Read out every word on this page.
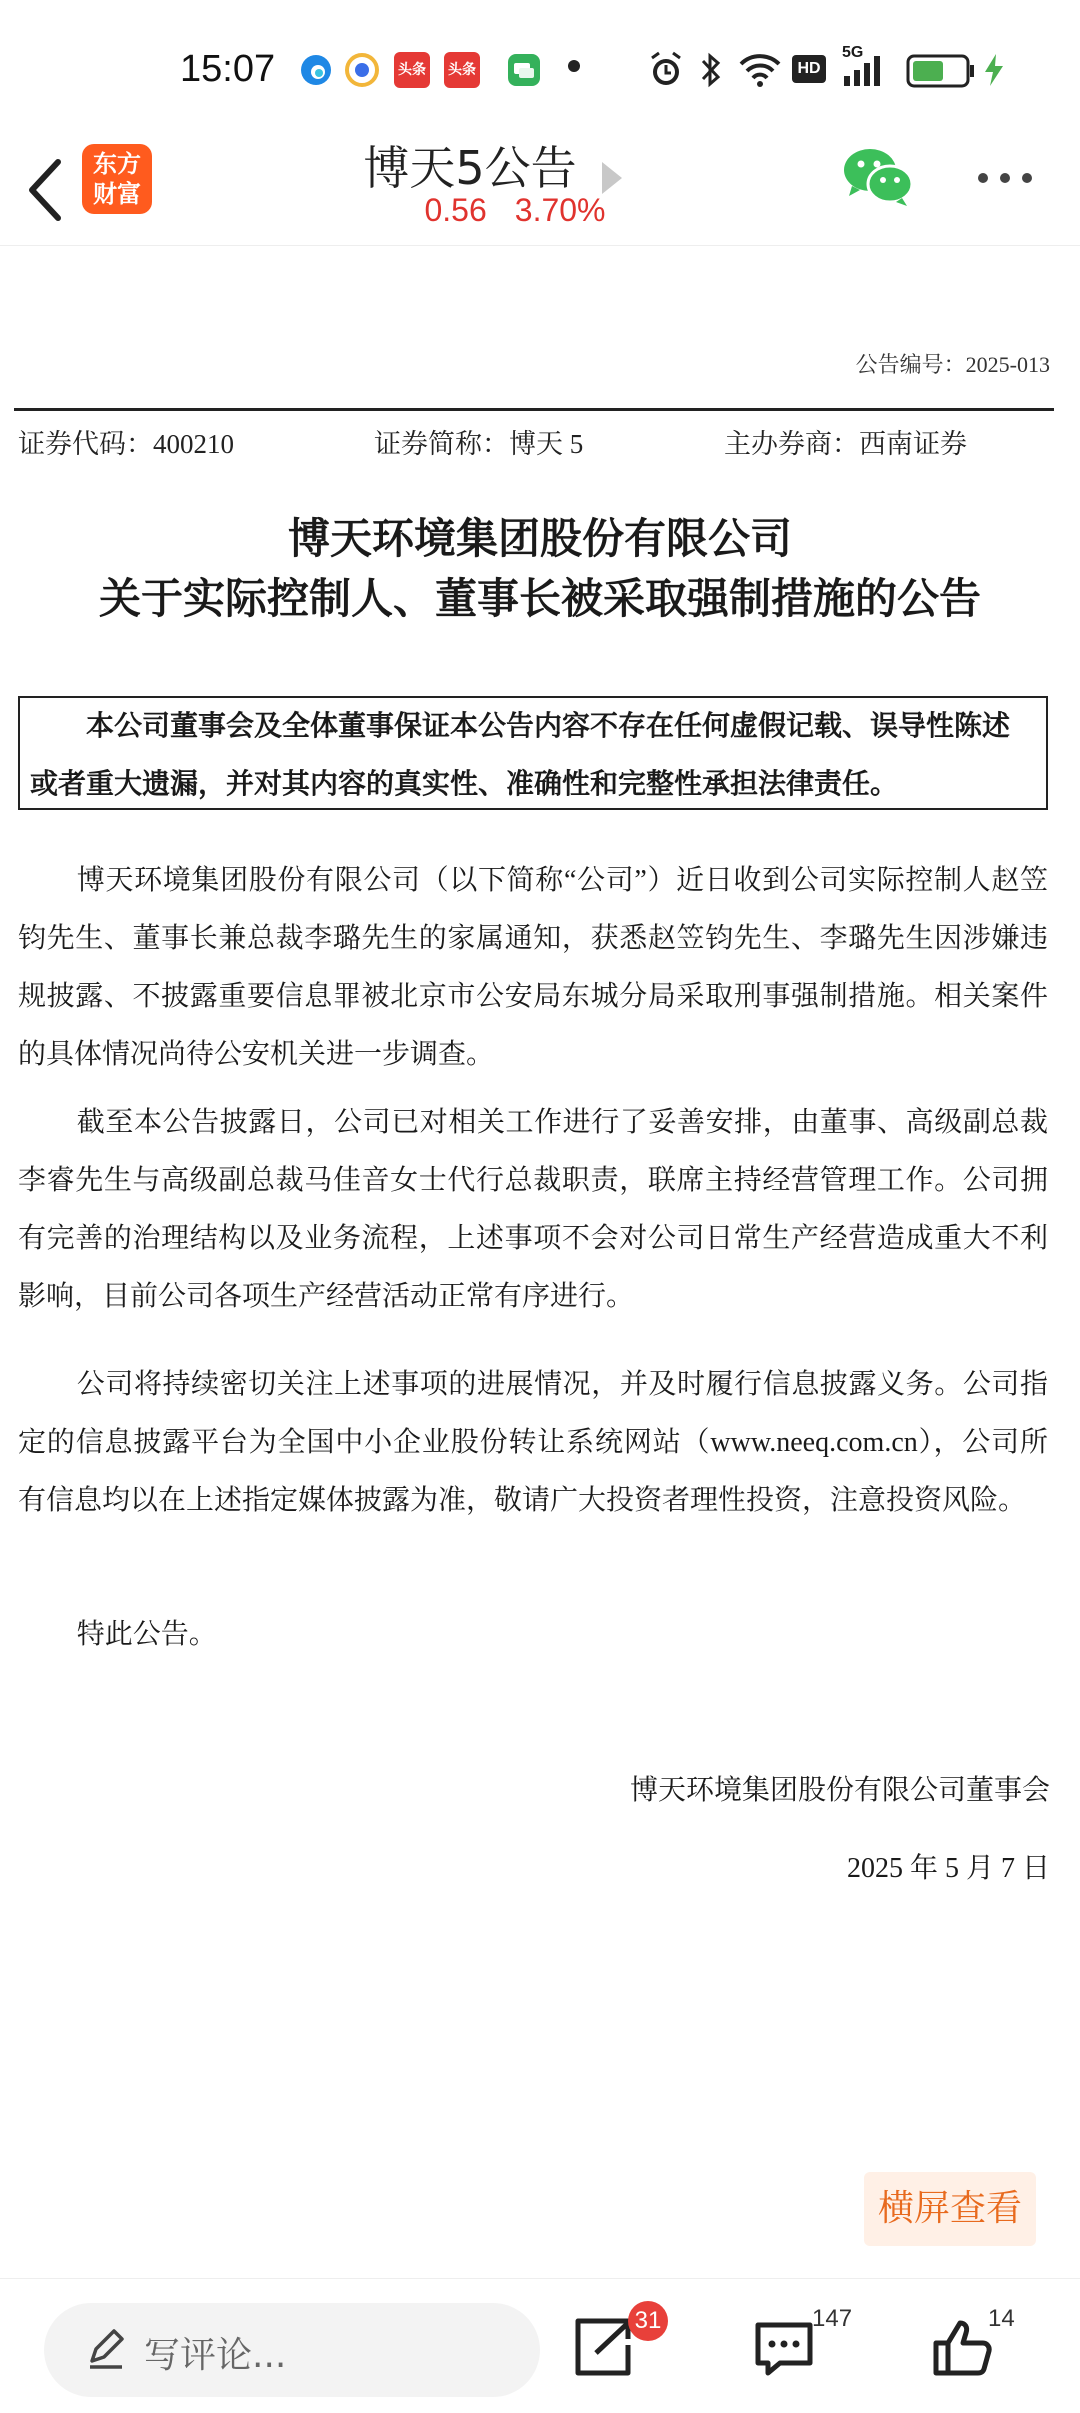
15:07	头条 头条	HD
5G
东方
财富	博天5公告
0.56 3.70%
公告编号：2025-013
证券代码：400210	证券简称：博天 5	主办券商：西南证券
博天环境集团股份有限公司
关于实际控制人、董事长被采取强制措施的公告
本公司董事会及全体董事保证本公告内容不存在任何虚假记载、误导性陈述或者重大遗漏，并对其内容的真实性、准确性和完整性承担法律责任。
博天环境集团股份有限公司（以下简称“公司”）近日收到公司实际控制人赵笠钧先生、董事长兼总裁李璐先生的家属通知，获悉赵笠钧先生、李璐先生因涉嫌违规披露、不披露重要信息罪被北京市公安局东城分局采取刑事强制措施。相关案件的具体情况尚待公安机关进一步调查。
截至本公告披露日，公司已对相关工作进行了妥善安排，由董事、高级副总裁李睿先生与高级副总裁马佳音女士代行总裁职责，联席主持经营管理工作。公司拥有完善的治理结构以及业务流程，上述事项不会对公司日常生产经营造成重大不利影响，目前公司各项生产经营活动正常有序进行。
公司将持续密切关注上述事项的进展情况，并及时履行信息披露义务。公司指定的信息披露平台为全国中小企业股份转让系统网站（www.neeq.com.cn），公司所有信息均以在上述指定媒体披露为准，敬请广大投资者理性投资，注意投资风险。
特此公告。
博天环境集团股份有限公司董事会
2025 年 5 月 7 日
横屏查看
写评论...
31	147	14
